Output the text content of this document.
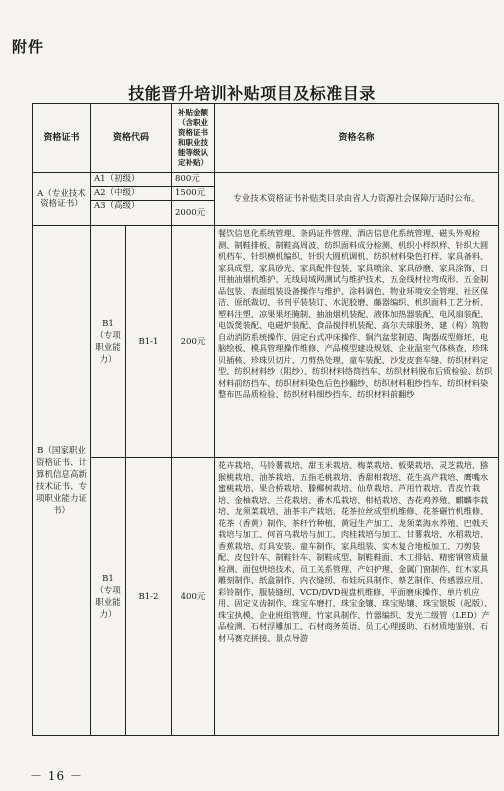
附件
技能晋升培训补贴项目及标准目录
资格证书	资格代码		补贴金额（含职业资格证书和职业技能等级认定补贴）	资格名称
A（专业技术资格证书）	A1（初级）		800元	专业技术资格证书补贴类目录由省人力资源社会保障厅适时公布。
	A2（中级）		1500元	
	A3（高级）		2000元	
B（国家职业资格证书、计算机信息高新技术证书、专项职业能力证书）	B1（专项职业能力）	B1-1	200元	餐饮信息化系统管理、条码证件管理、酒店信息化系统管理、磁头外观检测、制鞋排板、制鞋高周波、纺织面料成分检测、机织小样织样、针织大圆机档车、针织横机编织、针织大圆机调机、纺织材料染色打样、家具备料、家具成型、家具砂光、家具配件包装、家具喷涂、家具砂磨、家具涂饰、日用抽油烟机维护、无线局域网测试与维护技术、五金线材拉弯成形、五金制品包装、表面组装设备操作与维护、涂料调色、物业环境安全管理、社区保洁、原纸裁切、书刊平装装订、水泥胶磨、藤器编织、机织面料工艺分析、塑料注塑、凉果果坯腌制、抽油烟机装配、液体加热器装配、电风扇装配、电饭煲装配、电磁炉装配、食品搅拌机装配、高尔夫球服务、建（构）筑物自动消防系统操作、固定台式冲床操作、铜汽盆浆制造、陶器成型修坯、电脑绘板、模具管理操作维修、产品模型建设规划、企业温室气体核查、珍珠贝插核、珍珠贝切片、刀剪热处理、童车装配、沙发皮套车缝、纺织材料定型、纺织材料纱（阻纱）、纺织材料络筒挡车、纺织材料脱布后质检验、纺织材料前纺挡车、纺织材料染色后色抄翻纱、纺织材料粗纱挡车、纺织材料染整布匹品质检验、纺织材料细纱挡车、纺织材料前翻纱
	B1（专项职业能力）	B1-2	400元	花卉栽培、马铃薯栽培、甜玉米栽培、梅菜栽培、板栗栽培、灵芝栽培、猕猴桃栽培、油茶栽培、五指毛桃栽培、香甜柑栽培、花生高产栽培、鹰嘴水蜜桃栽培、果合桥栽培、滕椰树栽培、仙草栽培、芦用竹栽培、青皮竹栽培、金柚栽培、兰花栽培、番木瓜栽培、柑桔栽培、杏花鸡养殖、麒麟李栽培、龙须菜栽培、油茶丰产栽培、花茶拉丝成型机维修、花茶碾竹机维修、花茶（香黄）制作、茶秆竹种植、黄冠生产加工、龙须菜海水养殖、巴戟天栽培与加工、何首乌栽培与加工、肉桂栽培与加工、甘薯栽培、水稻栽培、香蕉栽培、灯具安装、童车制作、家具组装、实木复合地板加工、刀剪装配、皮包针车、制鞋针车、制鞋成型、制鞋鞋面、木工排钻、精密钢管质量检测、面包烘焙技术、员工关系管理、产妇护理、金属门窗制作、红木家具雕刻制作、纸盒制作、内衣缝纫、布娃玩具制作、蔡艺制作、传感器应用、彩铃制作、服装缝纫、VCD/DVD视盘机维修、平面磨床操作、单片机应用、固定义齿制作、珠宝车磨打、珠宝金镶、珠宝贴镶、珠宝银版（起版）、珠宝执模、企业班组管理、竹家具制作、竹器编织、发光二级管（LED）产品检测、石材浮雕加工、石材商务英语、员工心理援助、石材质地鉴别、石材马赛克拼接、景点导游
－ 16 －
